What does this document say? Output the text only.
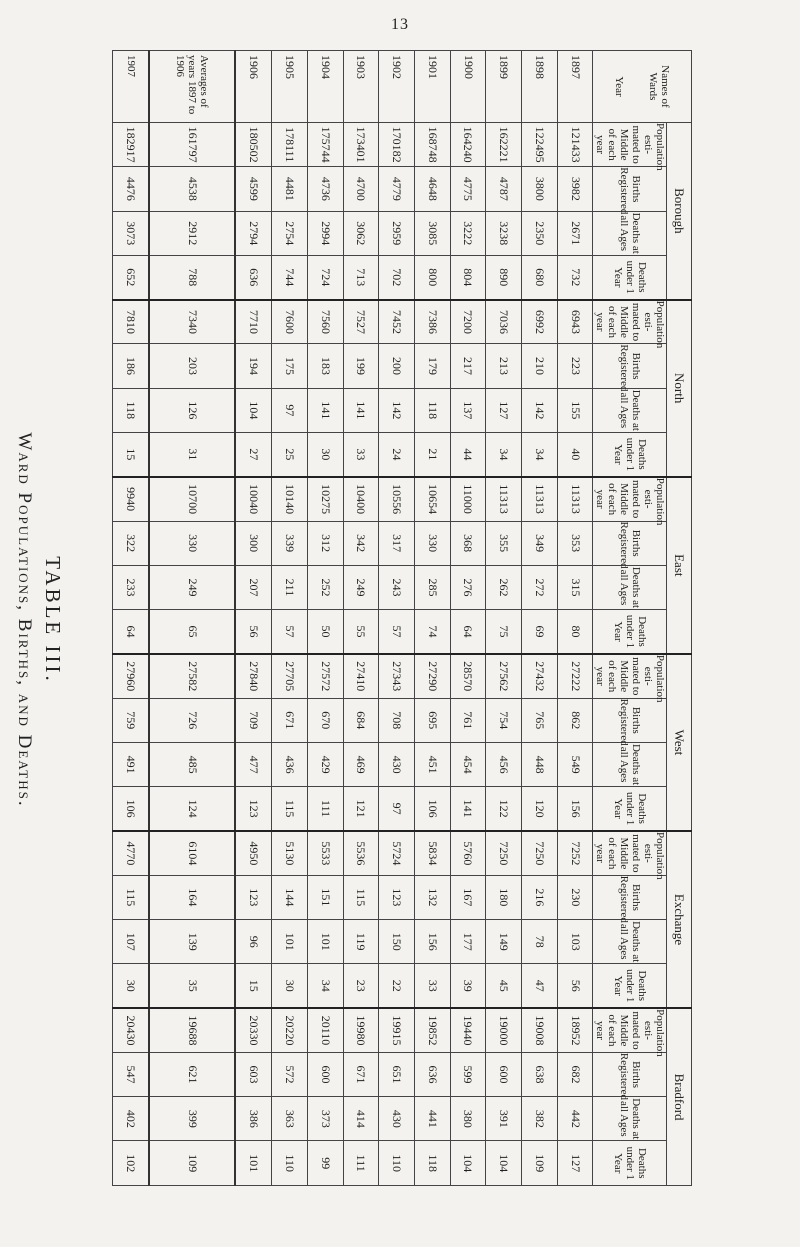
13
TABLE III.
Ward Populations, Births, and Deaths.
Names of Wards
Year	Borough				North				East				West				Exchange				Bradford			
	Population esti-mated to Middle of each year	Births Registered	Deaths at all Ages	Deaths under 1 Year	Population esti-mated to Middle of each year	Births Registered	Deaths at all Ages	Deaths under 1 Year	Population esti-mated to Middle of each year	Births Registered	Deaths at all Ages	Deaths under 1 Year	Population esti-mated to Middle of each year	Births Registered	Deaths at all Ages	Deaths under 1 Year	Population esti-mated to Middle of each year	Births Registered	Deaths at all Ages	Deaths under 1 Year	Population esti-mated to Middle of each year	Births Registered	Deaths at all Ages	Deaths under 1 Year
1897	121433	3982	2671	732	6943	223	155	40	11313	353	315	80	27222	862	549	156	7252	230	103	56	18952	682	442	127
1898	122495	3800	2350	680	6992	210	142	34	11313	349	272	69	27432	765	448	120	7250	216	78	47	19008	638	382	109
1899	162221	4787	3238	890	7036	213	127	34	11313	355	262	75	27562	754	456	122	7250	180	149	45	19000	600	391	104
1900	164240	4775	3222	804	7200	217	137	44	11000	368	276	64	28570	761	454	141	5760	167	177	39	19440	599	380	104
1901	168748	4648	3085	800	7386	179	118	21	10654	330	285	74	27290	695	451	106	5834	132	156	33	19852	636	441	118
1902	170182	4779	2959	702	7452	200	142	24	10556	317	243	57	27343	708	430	97	5724	123	150	22	19915	651	430	110
1903	173401	4700	3062	713	7527	199	141	33	10400	342	249	55	27410	684	469	121	5536	115	119	23	19980	671	414	111
1904	175744	4736	2994	724	7560	183	141	30	10275	312	252	50	27572	670	429	111	5533	151	101	34	20110	600	373	99
1905	178111	4481	2754	744	7600	175	97	25	10140	339	211	57	27705	671	436	115	5130	144	101	30	20220	572	363	110
1906	180502	4599	2794	636	7710	194	104	27	10040	300	207	56	27840	709	477	123	4950	123	96	15	20330	603	386	101
Averages of years 1897 to 1906	161797	4538	2912	788	7340	203	126	31	10700	330	249	65	27582	726	485	124	6104	164	139	35	19688	621	399	109
1907	182917	4476	3073	652	7810	186	118	15	9940	322	233	64	27960	759	491	106	4770	115	107	30	20430	547	402	102
